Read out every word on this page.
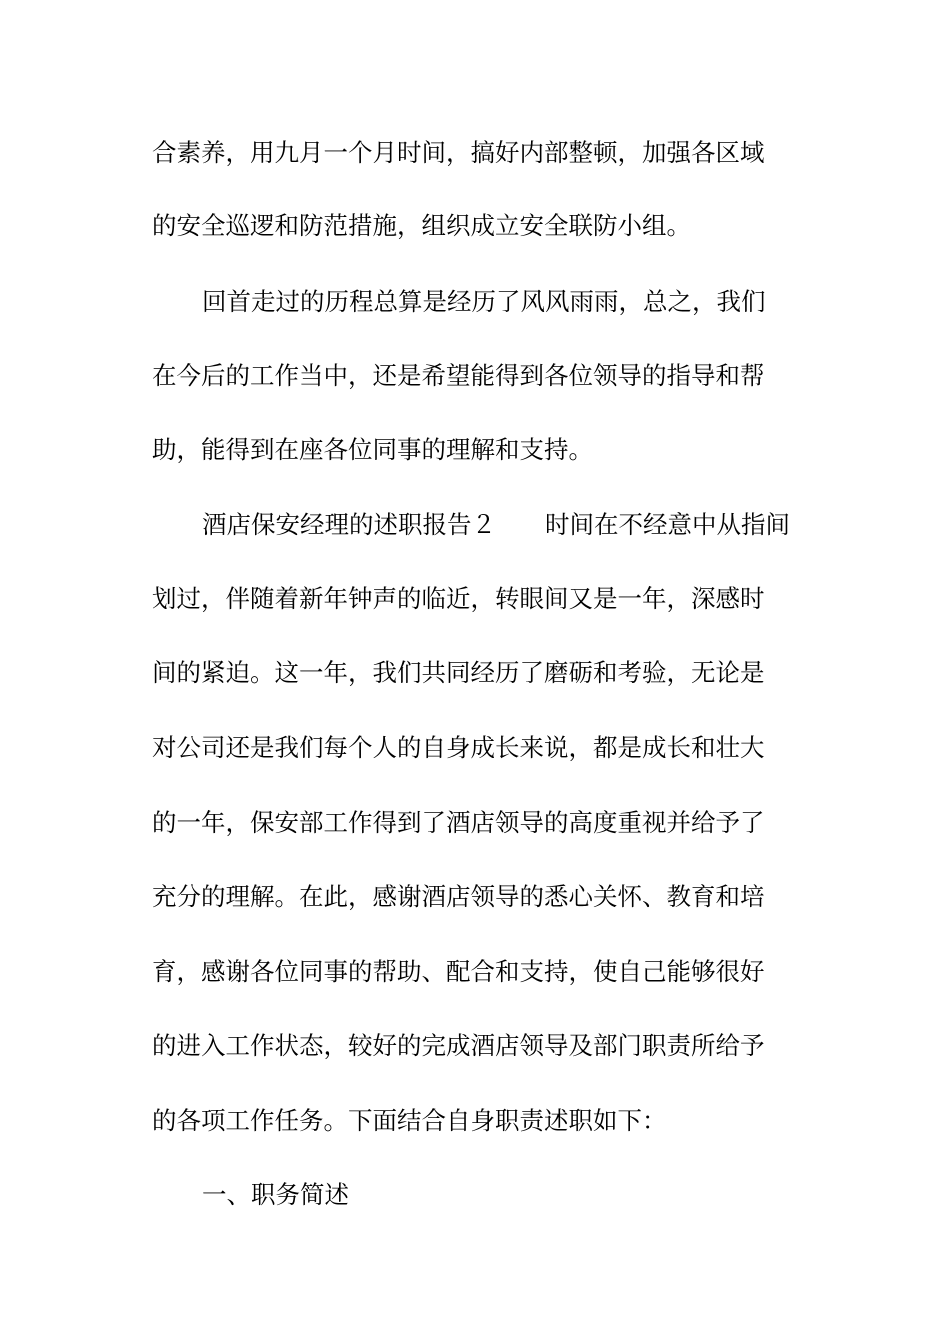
合素养，用九月一个月时间，搞好内部整顿，加强各区域
的安全巡逻和防范措施，组织成立安全联防小组。
回首走过的历程总算是经历了风风雨雨，总之，我们
在今后的工作当中，还是希望能得到各位领导的指导和帮
助，能得到在座各位同事的理解和支持。
酒店保安经理的述职报告２　　时间在不经意中从指间
划过，伴随着新年钟声的临近，转眼间又是一年，深感时
间的紧迫。这一年，我们共同经历了磨砺和考验，无论是
对公司还是我们每个人的自身成长来说，都是成长和壮大
的一年，保安部工作得到了酒店领导的高度重视并给予了
充分的理解。在此，感谢酒店领导的悉心关怀、教育和培
育，感谢各位同事的帮助、配合和支持，使自己能够很好
的进入工作状态，较好的完成酒店领导及部门职责所给予
的各项工作任务。下面结合自身职责述职如下：
一、职务简述
